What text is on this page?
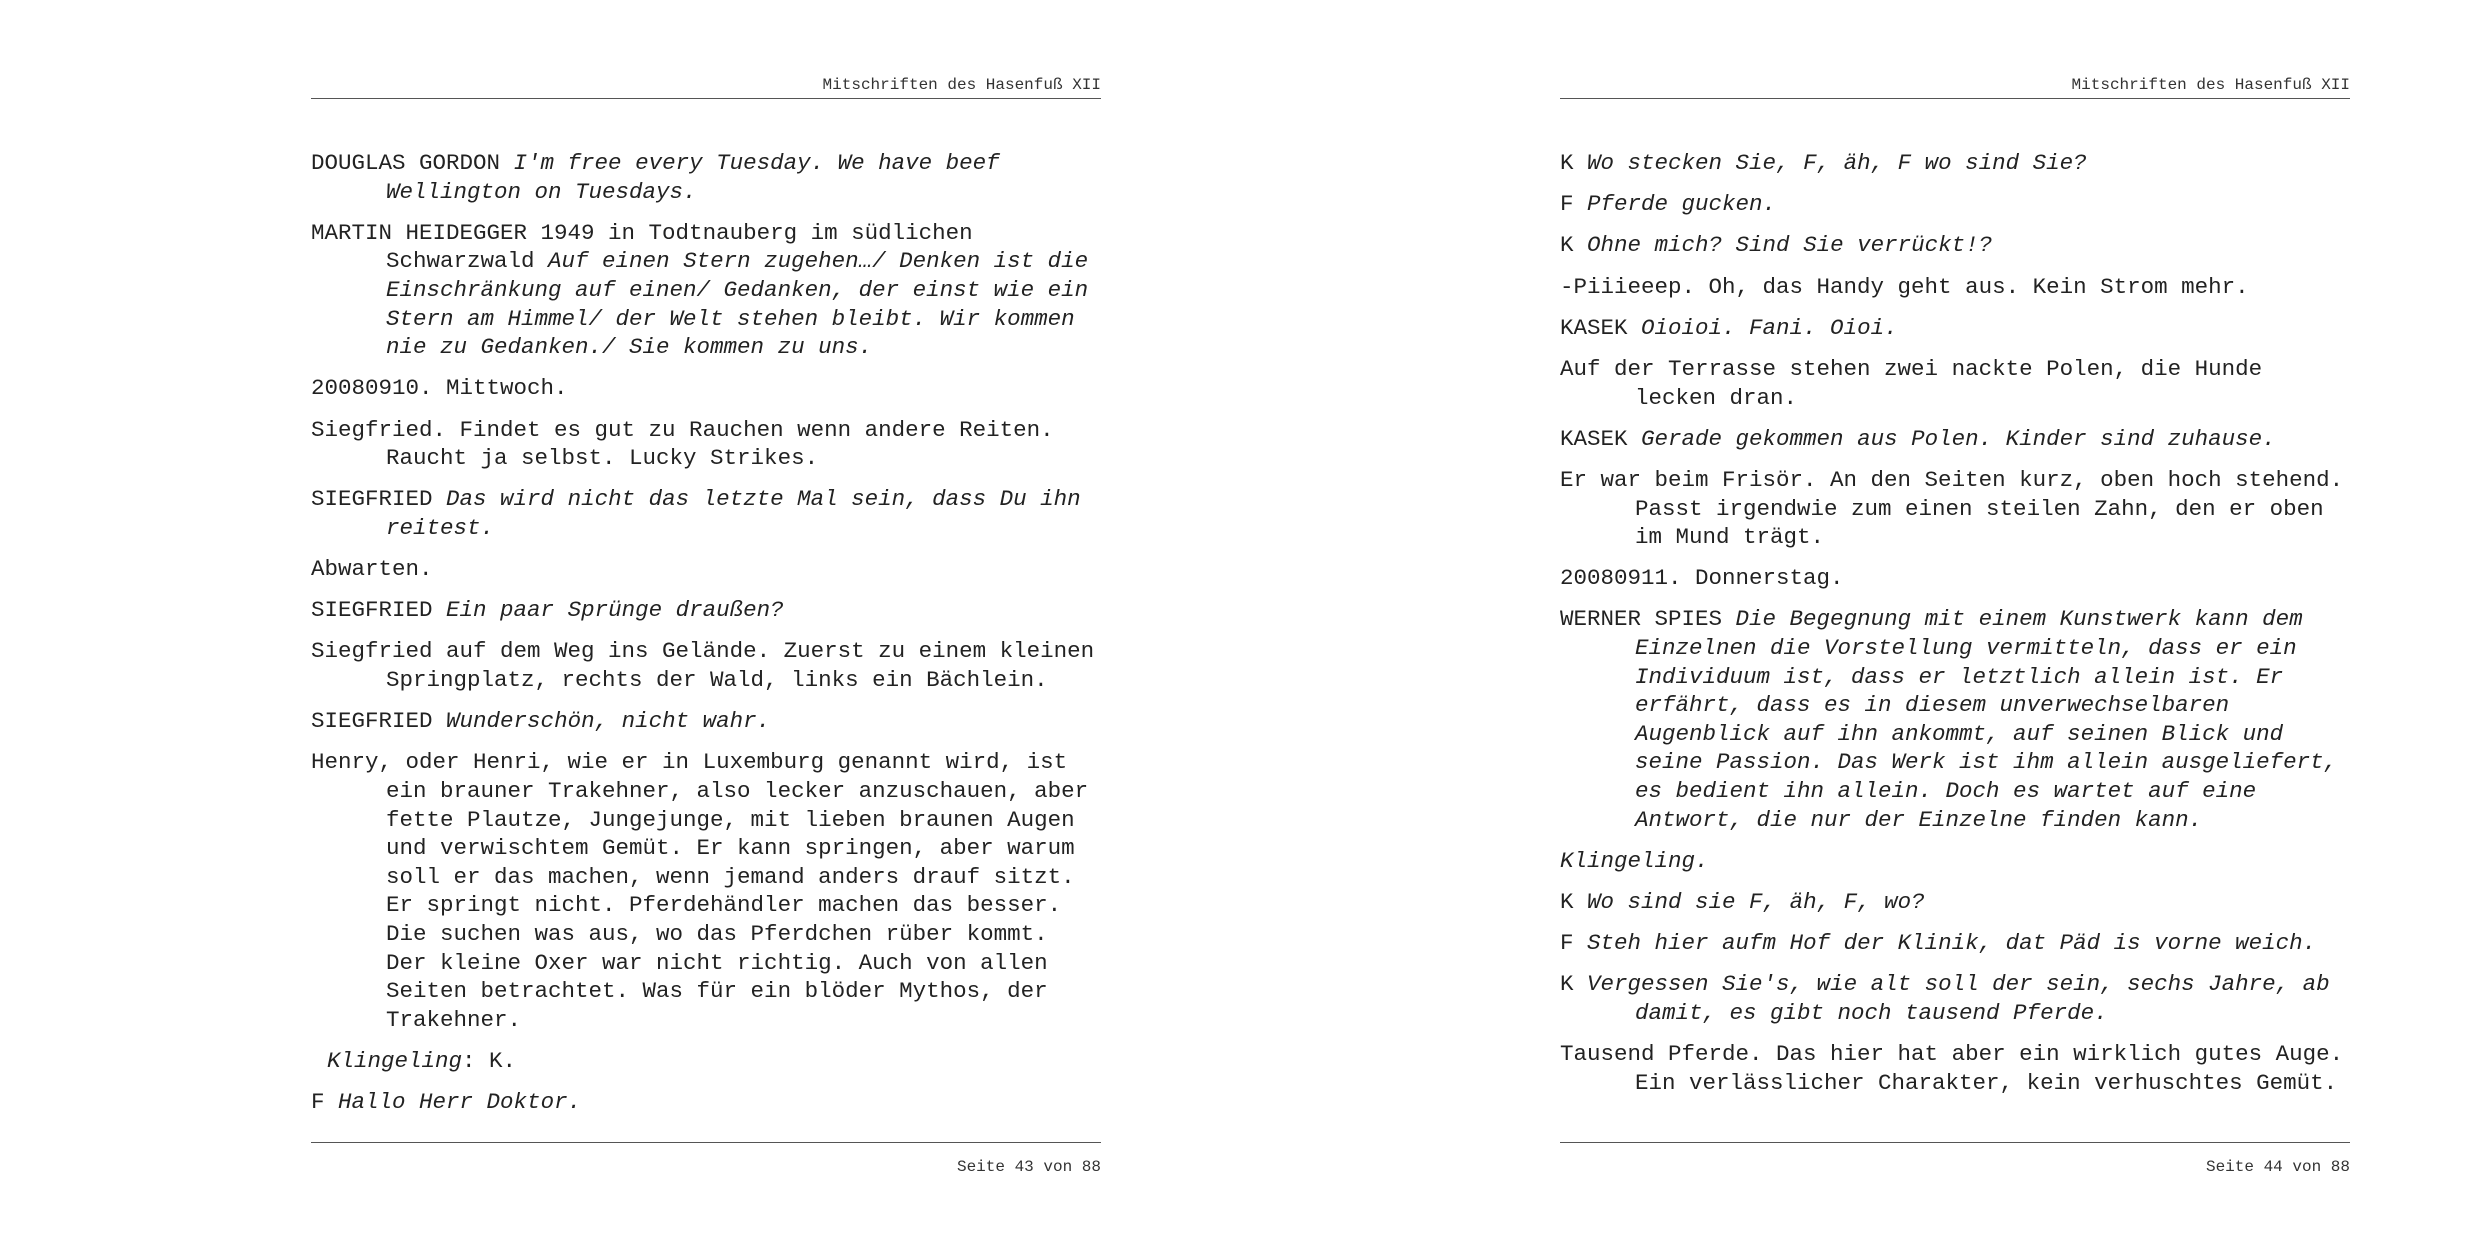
Mitschriften des Hasenfuß XII

DOUGLAS GORDON I'm free every Tuesday. We have beef Wellington on Tuesdays.

MARTIN HEIDEGGER 1949 in Todtnauberg im südlichen Schwarzwald Auf einen Stern zugehen…/ Denken ist die Einschränkung auf einen/ Gedanken, der einst wie ein Stern am Himmel/ der Welt stehen bleibt. Wir kommen nie zu Gedanken./ Sie kommen zu uns.

20080910. Mittwoch.

Siegfried. Findet es gut zu Rauchen wenn andere Reiten. Raucht ja selbst. Lucky Strikes.

SIEGFRIED Das wird nicht das letzte Mal sein, dass Du ihn reitest.

Abwarten.

SIEGFRIED Ein paar Sprünge draußen?

Siegfried auf dem Weg ins Gelände. Zuerst zu einem kleinen Springplatz, rechts der Wald, links ein Bächlein.

SIEGFRIED Wunderschön, nicht wahr.

Henry, oder Henri, wie er in Luxemburg genannt wird, ist ein brauner Trakehner, also lecker anzuschauen, aber fette Plautze, Jungejunge, mit lieben braunen Augen und verwischtem Gemüt. Er kann springen, aber warum soll er das machen, wenn jemand anders drauf sitzt. Er springt nicht. Pferdehändler machen das besser. Die suchen was aus, wo das Pferdchen rüber kommt. Der kleine Oxer war nicht richtig. Auch von allen Seiten betrachtet. Was für ein blöder Mythos, der Trakehner.

Klingeling: K.

F Hallo Herr Doktor.

Seite 43 von 88
Mitschriften des Hasenfuß XII

K Wo stecken Sie, F, äh, F wo sind Sie?

F Pferde gucken.

K Ohne mich? Sind Sie verrückt!?

-Piiieeep. Oh, das Handy geht aus. Kein Strom mehr.

KASEK Oioioi. Fani. Oioi.

Auf der Terrasse stehen zwei nackte Polen, die Hunde lecken dran.

KASEK Gerade gekommen aus Polen. Kinder sind zuhause.

Er war beim Frisör. An den Seiten kurz, oben hoch stehend. Passt irgendwie zum einen steilen Zahn, den er oben im Mund trägt.

20080911. Donnerstag.

WERNER SPIES Die Begegnung mit einem Kunstwerk kann dem Einzelnen die Vorstellung vermitteln, dass er ein Individuum ist, dass er letztlich allein ist. Er erfährt, dass es in diesem unverwechselbaren Augenblick auf ihn ankommt, auf seinen Blick und seine Passion. Das Werk ist ihm allein ausgeliefert, es bedient ihn allein. Doch es wartet auf eine Antwort, die nur der Einzelne finden kann.

Klingeling.

K Wo sind sie F, äh, F, wo?

F Steh hier aufm Hof der Klinik, dat Päd is vorne weich.

K Vergessen Sie's, wie alt soll der sein, sechs Jahre, ab damit, es gibt noch tausend Pferde.

Tausend Pferde. Das hier hat aber ein wirklich gutes Auge. Ein verlässlicher Charakter, kein verhuschtes Gemüt.

Seite 44 von 88
